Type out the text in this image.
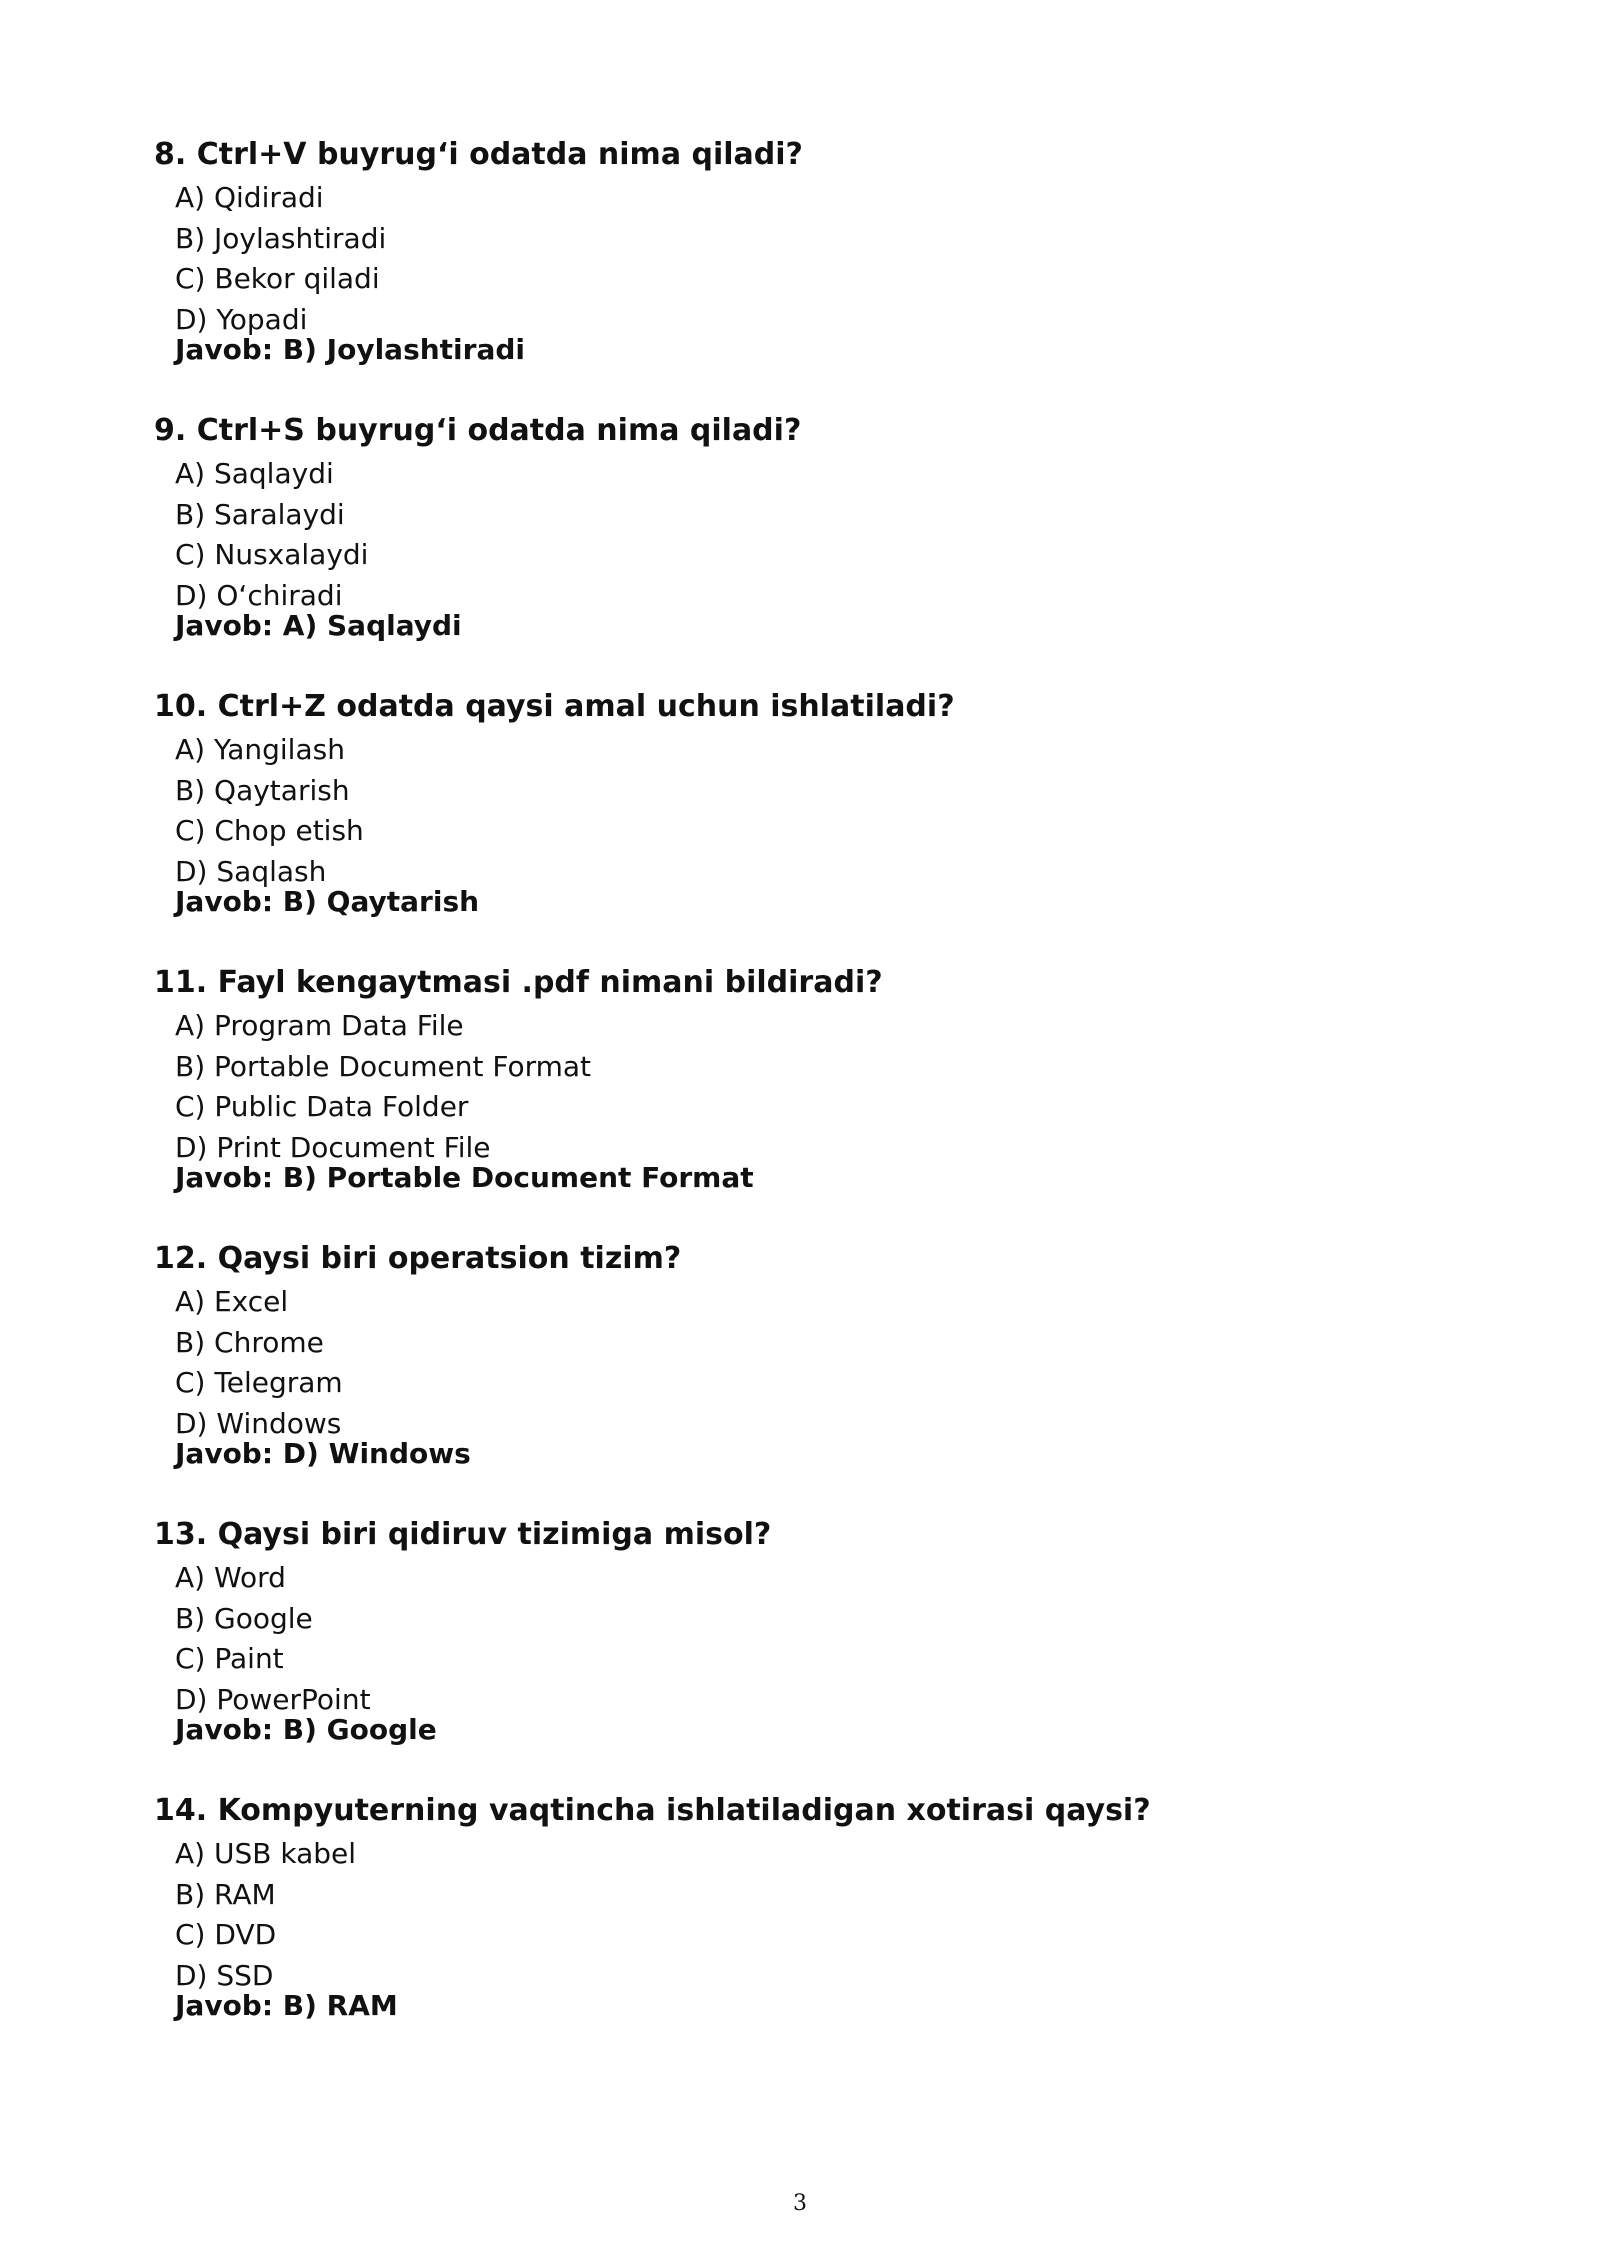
8. Ctrl+V buyrug‘i odatda nima qiladi?
A) Qidiradi
B) Joylashtiradi
C) Bekor qiladi
D) Yopadi
Javob: B) Joylashtiradi
9. Ctrl+S buyrug‘i odatda nima qiladi?
A) Saqlaydi
B) Saralaydi
C) Nusxalaydi
D) O‘chiradi
Javob: A) Saqlaydi
10. Ctrl+Z odatda qaysi amal uchun ishlatiladi?
A) Yangilash
B) Qaytarish
C) Chop etish
D) Saqlash
Javob: B) Qaytarish
11. Fayl kengaytmasi .pdf nimani bildiradi?
A) Program Data File
B) Portable Document Format
C) Public Data Folder
D) Print Document File
Javob: B) Portable Document Format
12. Qaysi biri operatsion tizim?
A) Excel
B) Chrome
C) Telegram
D) Windows
Javob: D) Windows
13. Qaysi biri qidiruv tizimiga misol?
A) Word
B) Google
C) Paint
D) PowerPoint
Javob: B) Google
14. Kompyuterning vaqtincha ishlatiladigan xotirasi qaysi?
A) USB kabel
B) RAM
C) DVD
D) SSD
Javob: B) RAM
3
